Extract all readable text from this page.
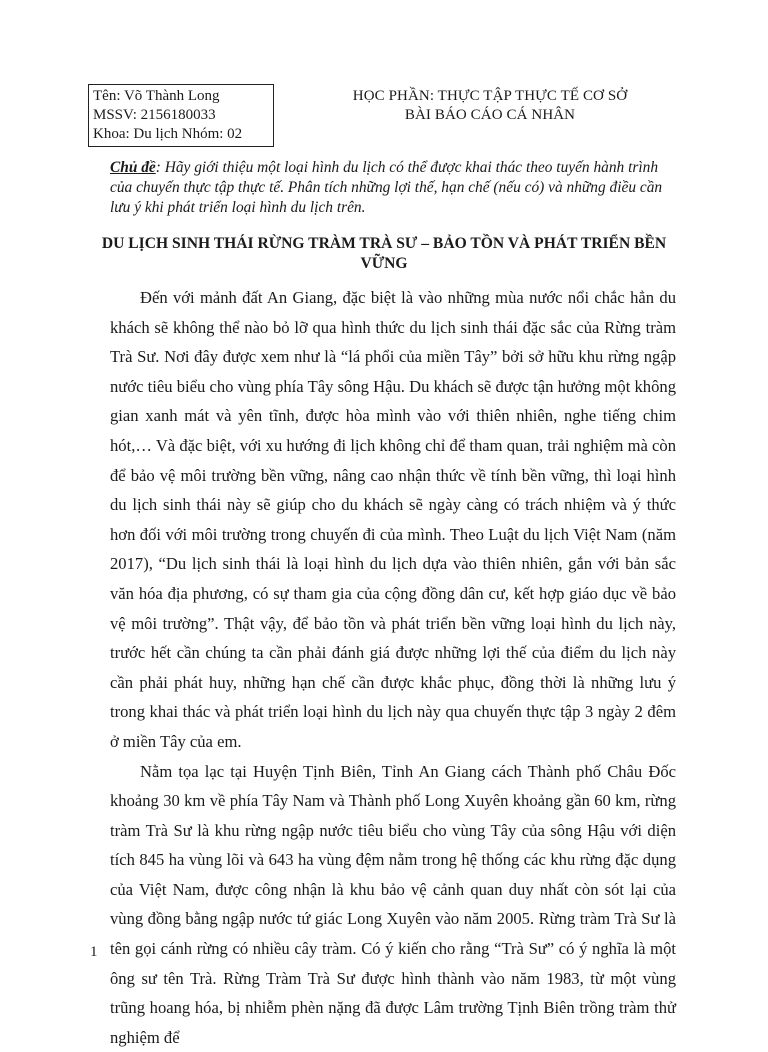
Tên: Võ Thành Long
MSSV: 2156180033
Khoa: Du lịch Nhóm: 02
HỌC PHẦN: THỰC TẬP THỰC TẾ CƠ SỞ
BÀI BÁO CÁO CÁ NHÂN
Chủ đề: Hãy giới thiệu một loại hình du lịch có thể được khai thác theo tuyến hành trình của chuyến thực tập thực tế. Phân tích những lợi thế, hạn chế (nếu có) và những điều cần lưu ý khi phát triển loại hình du lịch trên.
DU LỊCH SINH THÁI RỪNG TRÀM TRÀ SƯ – BẢO TỒN VÀ PHÁT TRIỂN BỀN VỮNG

Đến với mảnh đất An Giang, đặc biệt là vào những mùa nước nổi chắc hẳn du khách sẽ không thể nào bỏ lỡ qua hình thức du lịch sinh thái đặc sắc của Rừng tràm Trà Sư. Nơi đây được xem như là “lá phổi của miền Tây” bởi sở hữu khu rừng ngập nước tiêu biểu cho vùng phía Tây sông Hậu. Du khách sẽ được tận hưởng một không gian xanh mát và yên tĩnh, được hòa mình vào với thiên nhiên, nghe tiếng chim hót,… Và đặc biệt, với xu hướng đi lịch không chỉ để tham quan, trải nghiệm mà còn để bảo vệ môi trường bền vững, nâng cao nhận thức về tính bền vững, thì loại hình du lịch sinh thái này sẽ giúp cho du khách sẽ ngày càng có trách nhiệm và ý thức hơn đối với môi trường trong chuyến đi của mình. Theo Luật du lịch Việt Nam (năm 2017), “Du lịch sinh thái là loại hình du lịch dựa vào thiên nhiên, gắn với bản sắc văn hóa địa phương, có sự tham gia của cộng đồng dân cư, kết hợp giáo dục về bảo vệ môi trường”. Thật vậy, để bảo tồn và phát triển bền vững loại hình du lịch này, trước hết cần chúng ta cần phải đánh giá được những lợi thế của điểm du lịch này cần phải phát huy, những hạn chế cần được khắc phục, đồng thời là những lưu ý trong khai thác và phát triển loại hình du lịch này qua chuyến thực tập 3 ngày 2 đêm ở miền Tây của em.

Nằm tọa lạc tại Huyện Tịnh Biên, Tỉnh An Giang cách Thành phố Châu Đốc khoảng 30 km về phía Tây Nam và Thành phố Long Xuyên khoảng gần 60 km, rừng tràm Trà Sư là khu rừng ngập nước tiêu biểu cho vùng Tây của sông Hậu với diện tích 845 ha vùng lõi và 643 ha vùng đệm nằm trong hệ thống các khu rừng đặc dụng của Việt Nam, được công nhận là khu bảo vệ cảnh quan duy nhất còn sót lại của vùng đồng bằng ngập nước tứ giác Long Xuyên vào năm 2005. Rừng tràm Trà Sư là tên gọi cánh rừng có nhiều cây tràm. Có ý kiến cho rằng “Trà Sư” có ý nghĩa là một ông sư tên Trà. Rừng Tràm Trà Sư được hình thành vào năm 1983, từ một vùng trũng hoang hóa, bị nhiễm phèn nặng đã được Lâm trường Tịnh Biên trồng tràm thử nghiệm để

1
